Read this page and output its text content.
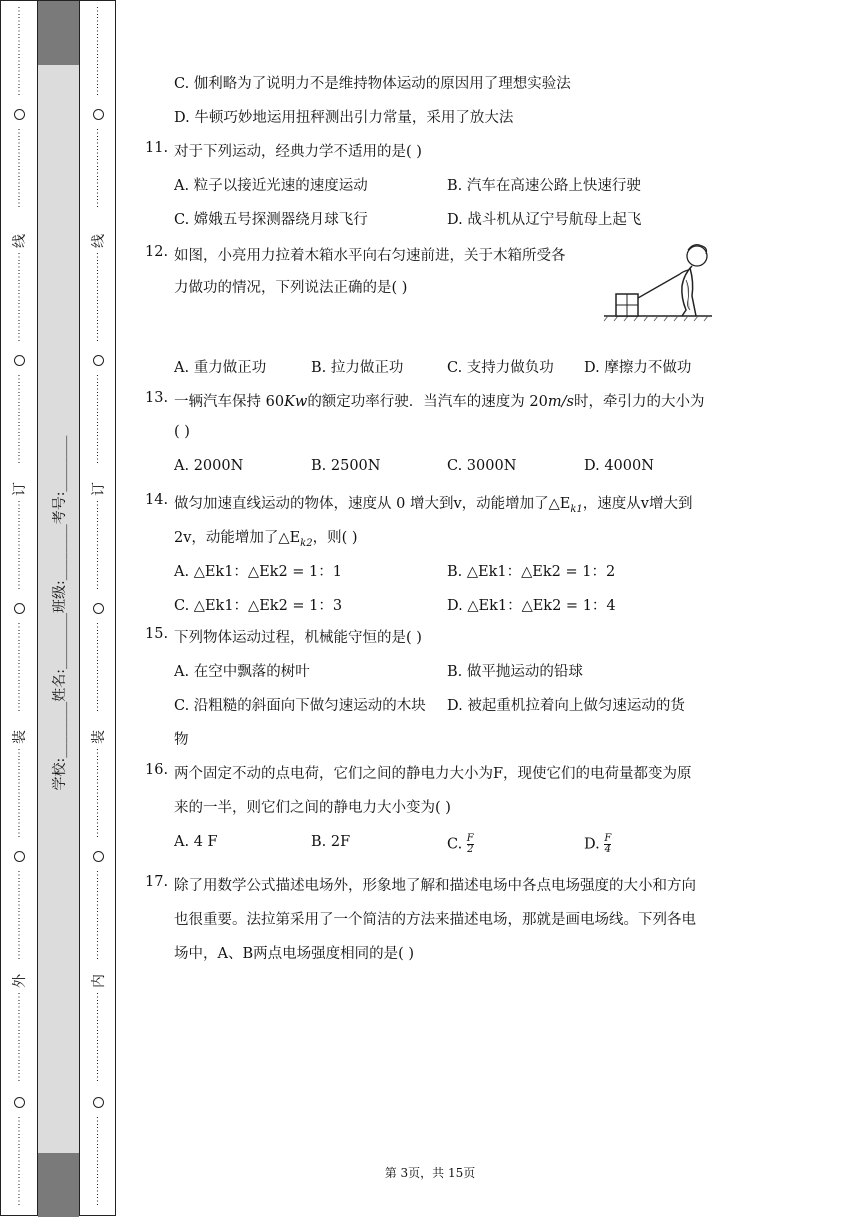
⋮
⋮
⋮
⋮
⋮
⋮
⋮
⋮
⋮
⋮
⋮
⋮
⋮
⋮
⋮
⋮
⋮
线
⋮
⋮
⋮
⋮
⋮
⋮
⋮
⋮
⋮
⋮
⋮
⋮
⋮
⋮
⋮
⋮
⋮
⋮
订
⋮
⋮
⋮
⋮
⋮
⋮
⋮
⋮
⋮
⋮
⋮
⋮
⋮
⋮
⋮
⋮
⋮
⋮
装
⋮
⋮
⋮
⋮
⋮
⋮
⋮
⋮
⋮
⋮
⋮
⋮
⋮
⋮
⋮
⋮
⋮
⋮
外
⋮
⋮
⋮
⋮
⋮
⋮
⋮
⋮
⋮
⋮
⋮
⋮
⋮
⋮
⋮
⋮
⋮
⋮
学校:________姓名:________班级:________考号:________
⋮
⋮
⋮
⋮
⋮
⋮
⋮
⋮
⋮
⋮
⋮
⋮
⋮
⋮
⋮
⋮
⋮
线
⋮
⋮
⋮
⋮
⋮
⋮
⋮
⋮
⋮
⋮
⋮
⋮
⋮
⋮
⋮
⋮
⋮
⋮
订
⋮
⋮
⋮
⋮
⋮
⋮
⋮
⋮
⋮
⋮
⋮
⋮
⋮
⋮
⋮
⋮
⋮
⋮
装
⋮
⋮
⋮
⋮
⋮
⋮
⋮
⋮
⋮
⋮
⋮
⋮
⋮
⋮
⋮
⋮
⋮
⋮
内
⋮
⋮
⋮
⋮
⋮
⋮
⋮
⋮
⋮
⋮
⋮
⋮
⋮
⋮
⋮
⋮
⋮
⋮
C. 伽利略为了说明力不是维持物体运动的原因用了理想实验法
D. 牛顿巧妙地运用扭秤测出引力常量，采用了放大法
11. 对于下列运动，经典力学不适用的是( )
A. 粒子以接近光速的速度运动	B. 汽车在高速公路上快速行驶
C. 嫦娥五号探测器绕月球飞行	D. 战斗机从辽宁号航母上起飞
12. 如图，小亮用力拉着木箱水平向右匀速前进，关于木箱所受各
力做功的情况，下列说法正确的是( )
A. 重力做正功	B. 拉力做正功	C. 支持力做负功 D. 摩擦力不做功
13. 一辆汽车保持 60Kw的额定功率行驶．当汽车的速度为 20m/s时，牵引力的大小为
( )
A. 2000N	B. 2500N	C. 3000N	D. 4000N
14. 做匀加速直线运动的物体，速度从 0 增大到v，动能增加了$\triangle E_{k1}$，速度从v增大到
2v，动能增加了$\triangle E_{k2}$，则( )
A. △Ek1：△Ek2 = 1：1	B. △Ek1：△Ek2 = 1：2
C. △Ek1：△Ek2 = 1：3	D. △Ek1：△Ek2 = 1：4
15. 下列物体运动过程，机械能守恒的是( )
A. 在空中飘落的树叶	B. 做平抛运动的铅球
C. 沿粗糙的斜面向下做匀速运动的木块 D. 被起重机拉着向上做匀速运动的货
物
16. 两个固定不动的点电荷，它们之间的静电力大小为F，现使它们的电荷量都变为原
来的一半，则它们之间的静电力大小变为( )
A. 4 F	B. 2F	C. $\frac{F}{2}$	D. $\frac{F}{4}$
17. 除了用数学公式描述电场外，形象地了解和描述电场中各点电场强度的大小和方向
也很重要。法拉第采用了一个简洁的方法来描述电场，那就是画电场线。下列各电
场中，A、B两点电场强度相同的是( )
第 3页，共 15页
